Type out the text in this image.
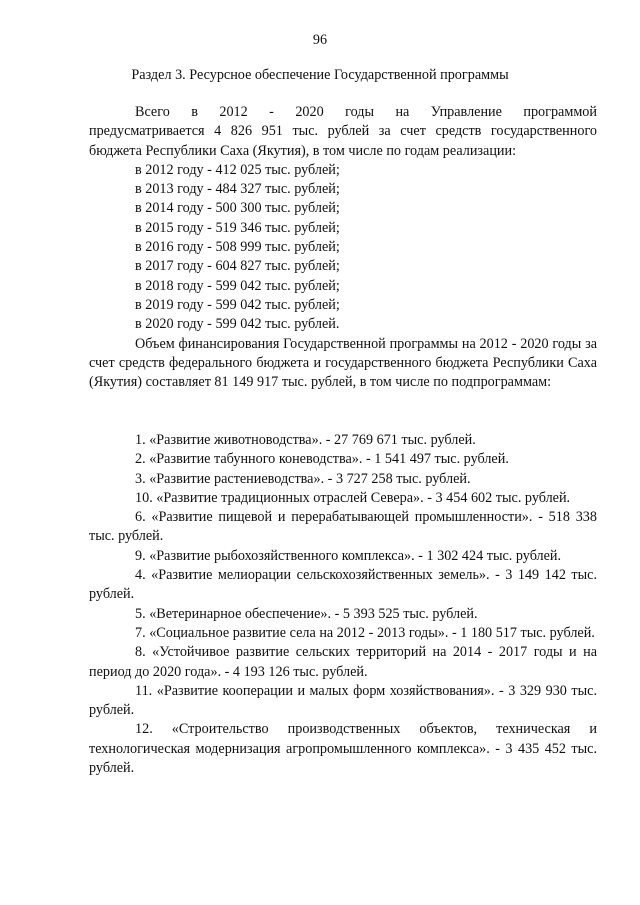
96
Раздел 3. Ресурсное обеспечение Государственной программы

Всего в 2012 - 2020 годы на Управление программой

предусматривается 4 826 951 тыс. рублей за счет средств государственного бюджета Республики Саха (Якутия), в том числе по годам реализации:

в 2012 году - 412 025 тыс. рублей;

в 2013 году - 484 327 тыс. рублей;

в 2014 году - 500 300 тыс. рублей;

в 2015 году - 519 346 тыс. рублей;

в 2016 году - 508 999 тыс. рублей;

в 2017 году - 604 827 тыс. рублей;

в 2018 году - 599 042 тыс. рублей;

в 2019 году - 599 042 тыс. рублей;

в 2020 году - 599 042 тыс. рублей.

Объем финансирования Государственной программы на 2012 - 2020 годы за счет средств федерального бюджета и государственного бюджета Республики Саха (Якутия) составляет 81 149 917 тыс. рублей, в том числе по подпрограммам:

1. «Развитие животноводства». - 27 769 671 тыс. рублей.

2. «Развитие табунного коневодства». - 1 541 497 тыс. рублей.

3. «Развитие растениеводства». - 3 727 258 тыс. рублей.

10. «Развитие традиционных отраслей Севера». - 3 454 602 тыс. рублей.

6. «Развитие пищевой и перерабатывающей промышленности». - 518 338 тыс. рублей.

9. «Развитие рыбохозяйственного комплекса». - 1 302 424 тыс. рублей.

4. «Развитие мелиорации сельскохозяйственных земель». - 3 149 142 тыс. рублей.

5. «Ветеринарное обеспечение». - 5 393 525 тыс. рублей.

7. «Социальное развитие села на 2012 - 2013 годы». - 1 180 517 тыс. рублей.

8. «Устойчивое развитие сельских территорий на 2014 - 2017 годы и на период до 2020 года». - 4 193 126 тыс. рублей.

11. «Развитие кооперации и малых форм хозяйствования». - 3 329 930 тыс. рублей.

12. «Строительство производственных объектов, техническая и технологическая модернизация агропромышленного комплекса». - 3 435 452 тыс. рублей.
